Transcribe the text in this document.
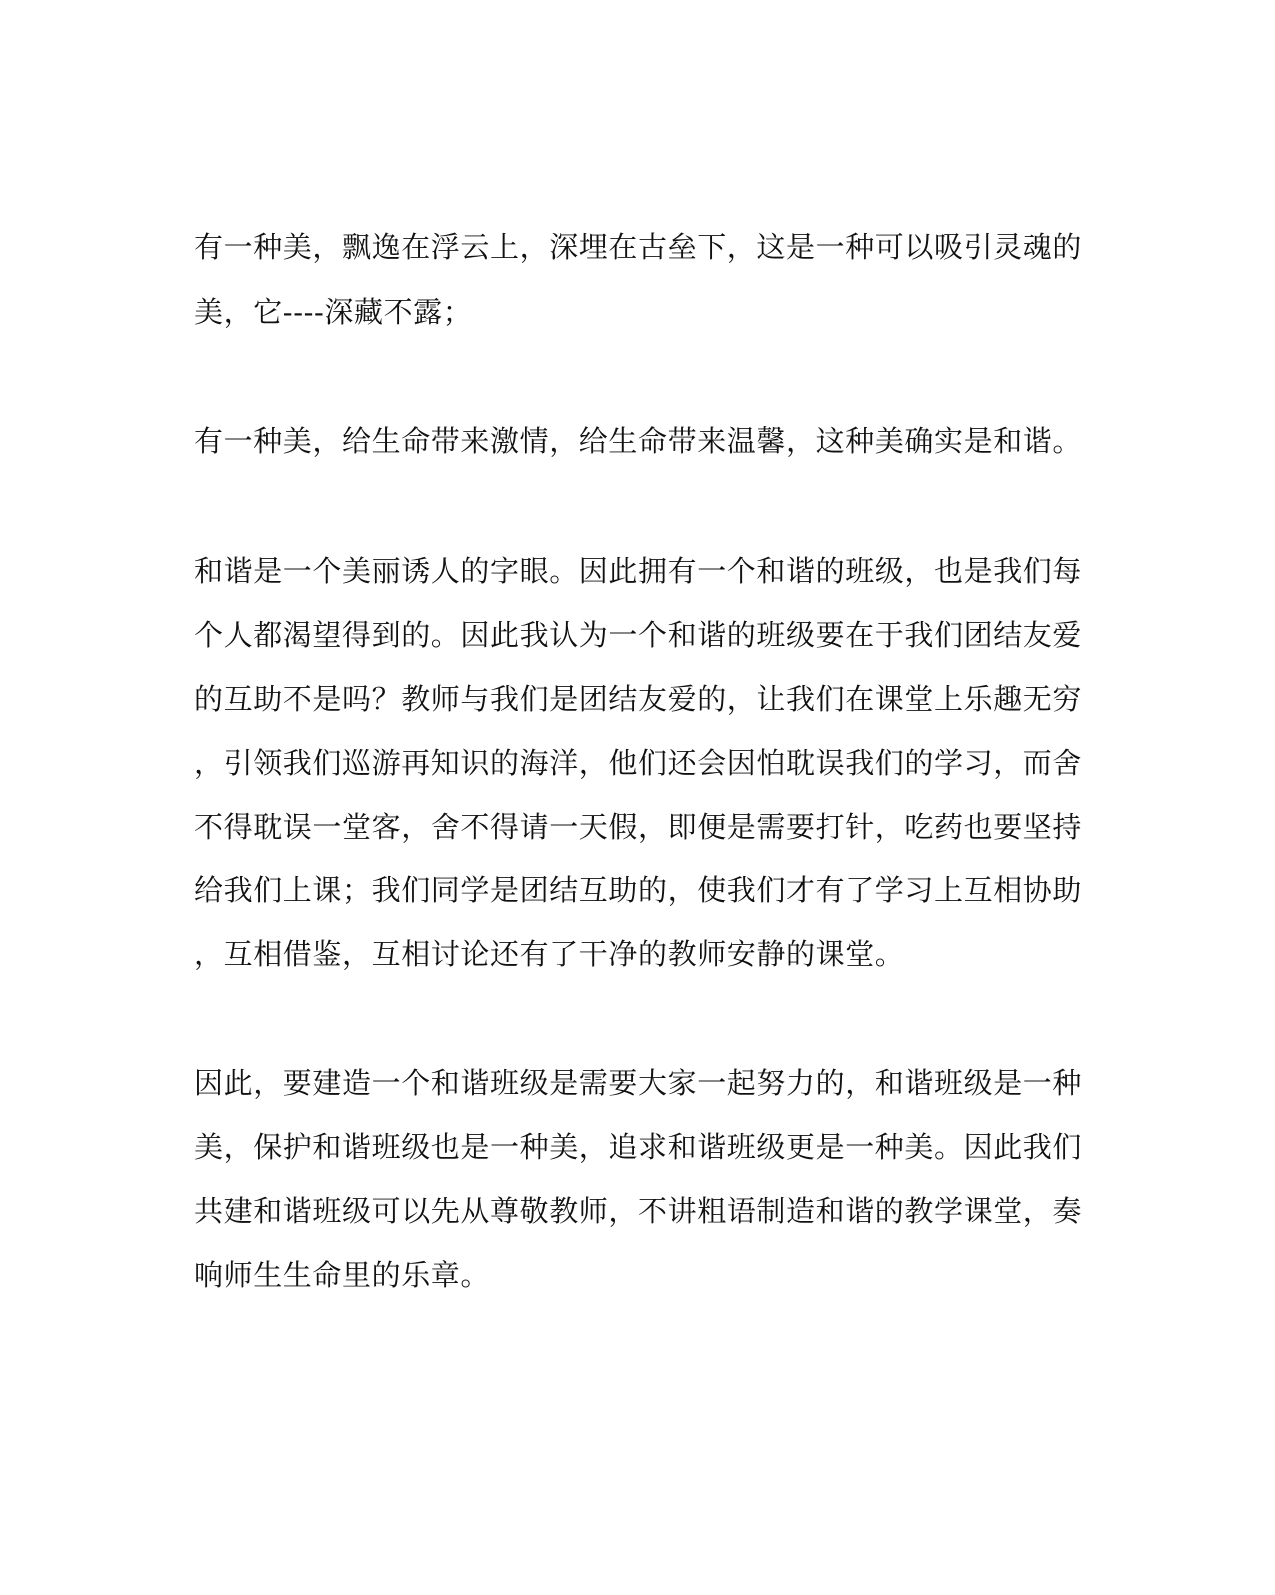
有一种美，飘逸在浮云上，深埋在古垒下，这是一种可以吸引灵魂的
美，它----深藏不露；
有一种美，给生命带来激情，给生命带来温馨，这种美确实是和谐。
和谐是一个美丽诱人的字眼。因此拥有一个和谐的班级，也是我们每
个人都渴望得到的。因此我认为一个和谐的班级要在于我们团结友爱
的互助不是吗？教师与我们是团结友爱的，让我们在课堂上乐趣无穷
，引领我们巡游再知识的海洋，他们还会因怕耽误我们的学习，而舍
不得耽误一堂客，舍不得请一天假，即便是需要打针，吃药也要坚持
给我们上课；我们同学是团结互助的，使我们才有了学习上互相协助
，互相借鉴，互相讨论还有了干净的教师安静的课堂。
因此，要建造一个和谐班级是需要大家一起努力的，和谐班级是一种
美，保护和谐班级也是一种美，追求和谐班级更是一种美。因此我们
共建和谐班级可以先从尊敬教师，不讲粗语制造和谐的教学课堂，奏
响师生生命里的乐章。
